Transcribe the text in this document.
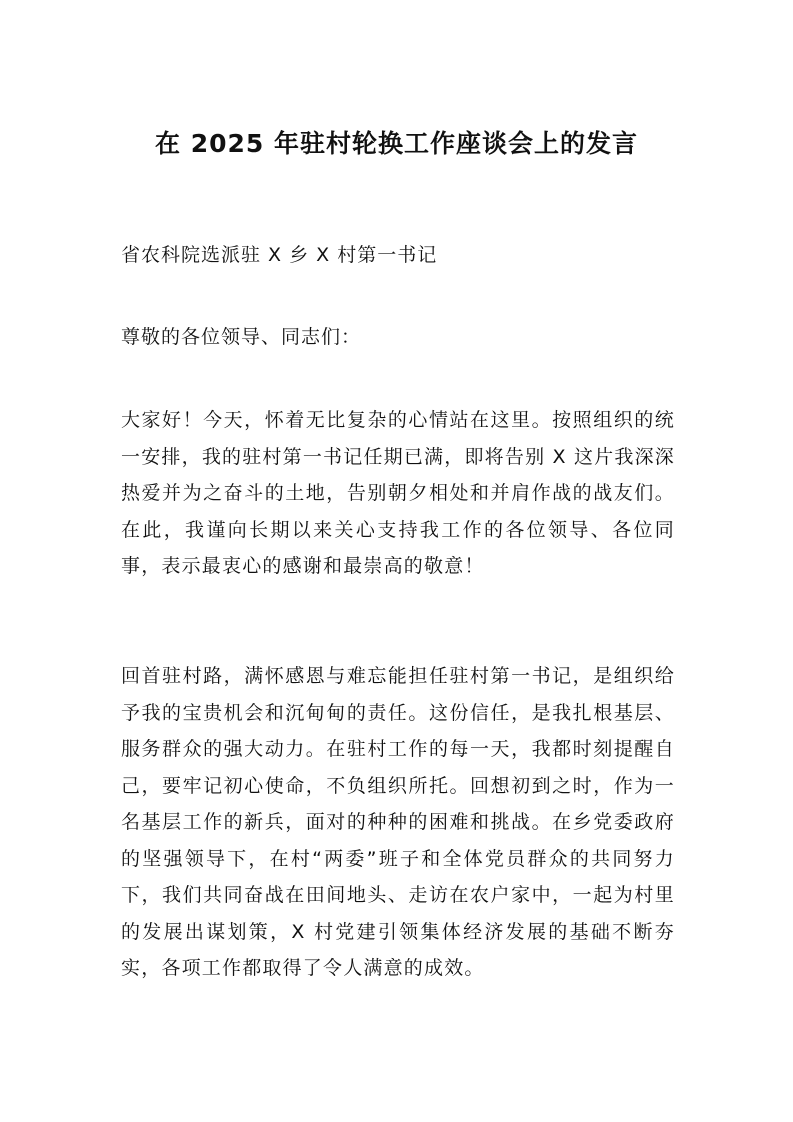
在 2025 年驻村轮换工作座谈会上的发言

省农科院选派驻 X 乡 X 村第一书记

尊敬的各位领导、同志们：

大家好！今天，怀着无比复杂的心情站在这里。按照组织的统一安排，我的驻村第一书记任期已满，即将告别 X 这片我深深热爱并为之奋斗的土地，告别朝夕相处和并肩作战的战友们。在此，我谨向长期以来关心支持我工作的各位领导、各位同事，表示最衷心的感谢和最崇高的敬意！

回首驻村路，满怀感恩与难忘能担任驻村第一书记，是组织给予我的宝贵机会和沉甸甸的责任。这份信任，是我扎根基层、服务群众的强大动力。在驻村工作的每一天，我都时刻提醒自己，要牢记初心使命，不负组织所托。回想初到之时，作为一名基层工作的新兵，面对的种种的困难和挑战。在乡党委政府的坚强领导下，在村“两委”班子和全体党员群众的共同努力下，我们共同奋战在田间地头、走访在农户家中，一起为村里的发展出谋划策，X 村党建引领集体经济发展的基础不断夯实，各项工作都取得了令人满意的成效。
